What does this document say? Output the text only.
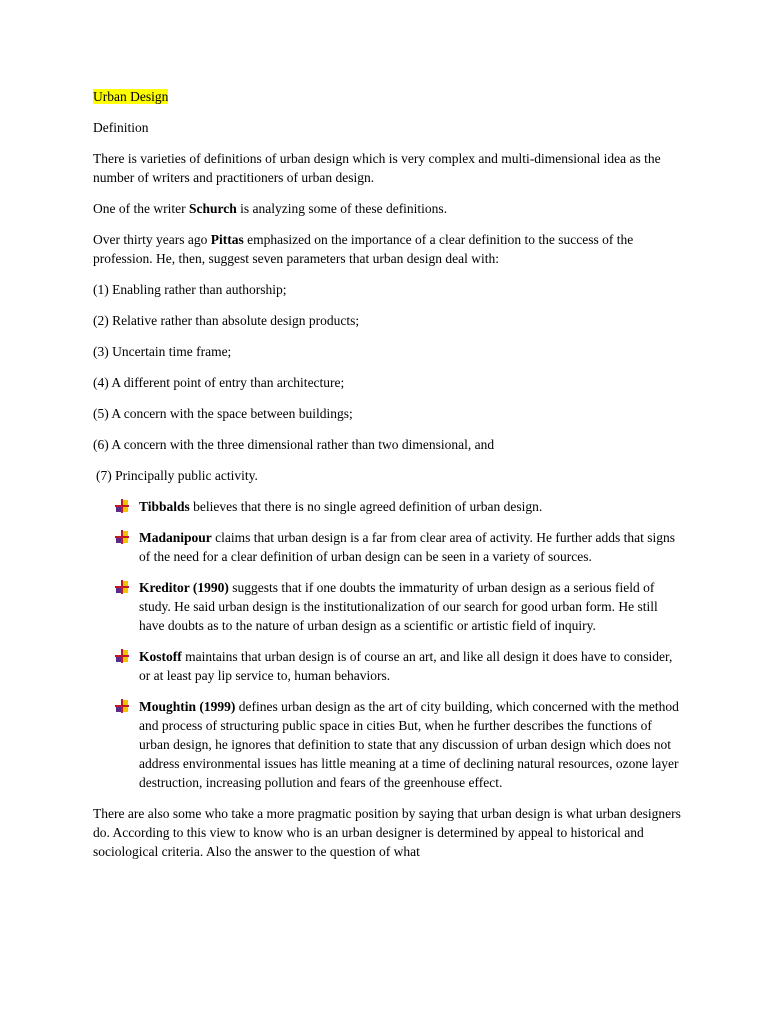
Urban Design

Definition

There is varieties of definitions of urban design which is very complex and multi-dimensional idea as the number of writers and practitioners of urban design.

One of the writer Schurch is analyzing some of these definitions.

Over thirty years ago Pittas emphasized on the importance of a clear definition to the success of the profession. He, then, suggest seven parameters that urban design deal with:

(1) Enabling rather than authorship;

(2) Relative rather than absolute design products;

(3) Uncertain time frame;

(4) A different point of entry than architecture;

(5) A concern with the space between buildings;

(6) A concern with the three dimensional rather than two dimensional, and

(7) Principally public activity.

Tibbalds believes that there is no single agreed definition of urban design.
Madanipour claims that urban design is a far from clear area of activity. He further adds that signs of the need for a clear definition of urban design can be seen in a variety of sources.
Kreditor (1990) suggests that if one doubts the immaturity of urban design as a serious field of study. He said urban design is the institutionalization of our search for good urban form. He still have doubts as to the nature of urban design as a scientific or artistic field of inquiry.
Kostoff maintains that urban design is of course an art, and like all design it does have to consider, or at least pay lip service to, human behaviors.
Moughtin (1999) defines urban design as the art of city building, which concerned with the method and process of structuring public space in cities But, when he further describes the functions of urban design, he ignores that definition to state that any discussion of urban design which does not address environmental issues has little meaning at a time of declining natural resources, ozone layer destruction, increasing pollution and fears of the greenhouse effect.

There are also some who take a more pragmatic position by saying that urban design is what urban designers do. According to this view to know who is an urban designer is determined by appeal to historical and sociological criteria. Also the answer to the question of what
